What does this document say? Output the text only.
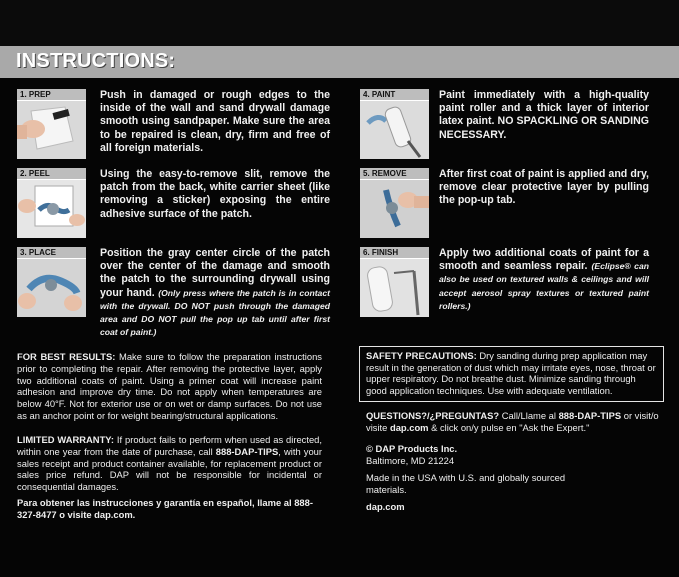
INSTRUCTIONS:
1. PREP	Push in damaged or rough edges to the inside of the wall and sand drywall damage smooth using sandpaper. Make sure the area to be repaired is clean, dry, firm and free of all foreign materials.
2. PEEL	Using the easy-to-remove slit, remove the patch from the back, white carrier sheet (like removing a sticker) exposing the entire adhesive surface of the patch.
3. PLACE	Position the gray center circle of the patch over the center of the damage and smooth the patch to the surrounding drywall using your hand. (Only press where the patch is in contact with the drywall. DO NOT push through the damaged area and DO NOT pull the pop up tab until after first coat of paint.)
4. PAINT	Paint immediately with a high-quality paint roller and a thick layer of interior latex paint. NO SPACKLING OR SANDING NECESSARY.
5. REMOVE	After first coat of paint is applied and dry, remove clear protective layer by pulling the pop-up tab.
6. FINISH	Apply two additional coats of paint for a smooth and seamless repair. (Eclipse® can also be used on textured walls & ceilings and will accept aerosol spray textures or textured paint rollers.)
FOR BEST RESULTS: Make sure to follow the preparation instructions prior to completing the repair. After removing the protective layer, apply two additional coats of paint. Using a primer coat will increase paint adhesion and improve dry time. Do not apply when temperatures are below 40°F. Not for exterior use or on wet or damp surfaces. Do not use as an anchor point or for weight bearing/structural applications.
LIMITED WARRANTY: If product fails to perform when used as directed, within one year from the date of purchase, call 888-DAP-TIPS, with your sales receipt and product container available, for replacement product or sales price refund. DAP will not be responsible for incidental or consequential damages.
Para obtener las instrucciones y garantía en español, llame al 888-327-8477 o visite dap.com.
SAFETY PRECAUTIONS: Dry sanding during prep application may result in the generation of dust which may irritate eyes, nose, throat or upper respiratory. Do not breathe dust. Minimize sanding through good application techniques. Use with adequate ventilation.
QUESTIONS?/¿PREGUNTAS? Call/Llame al 888-DAP-TIPS or visit/o visite dap.com & click on/y pulse en "Ask the Expert."
© DAP Products Inc.
Baltimore, MD 21224
Made in the USA with U.S. and globally sourced materials.
dap.com
